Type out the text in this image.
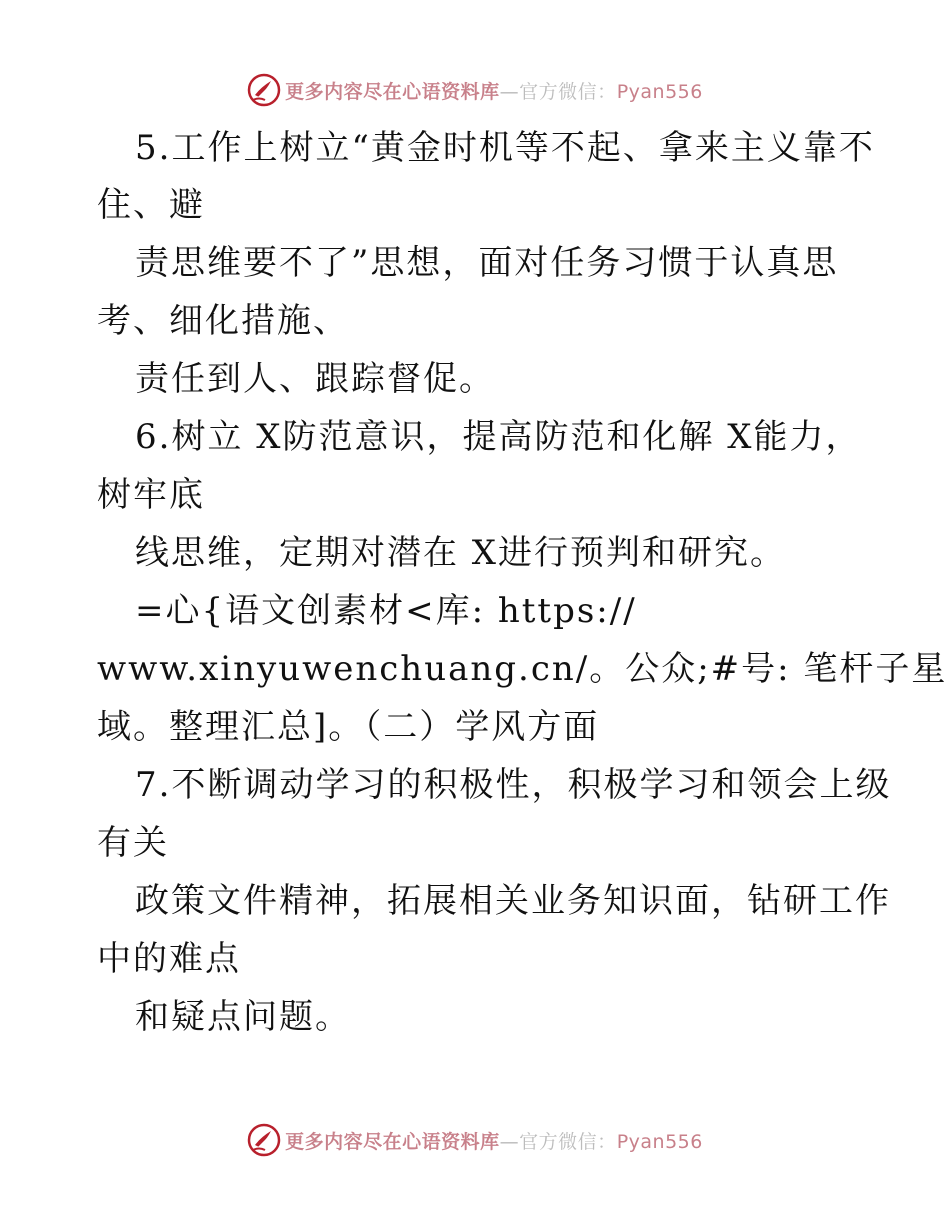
更多内容尽在心语资料库—官方微信：Pyan556
5.工作上树立“黄金时机等不起、拿来主义靠不
住、避
责思维要不了”思想，面对任务习惯于认真思
考、细化措施、
责任到人、跟踪督促。
6.树立 X防范意识，提高防范和化解 X能力，
树牢底
线思维，定期对潜在 X进行预判和研究。
=心{语文创素材<库: https://
www.xinyuwenchuang.cn/。公众;#号: 笔杆子星
域。整理汇总]。（二）学风方面
7.不断调动学习的积极性，积极学习和领会上级
有关
政策文件精神，拓展相关业务知识面，钻研工作
中的难点
和疑点问题。
更多内容尽在心语资料库—官方微信：Pyan556
